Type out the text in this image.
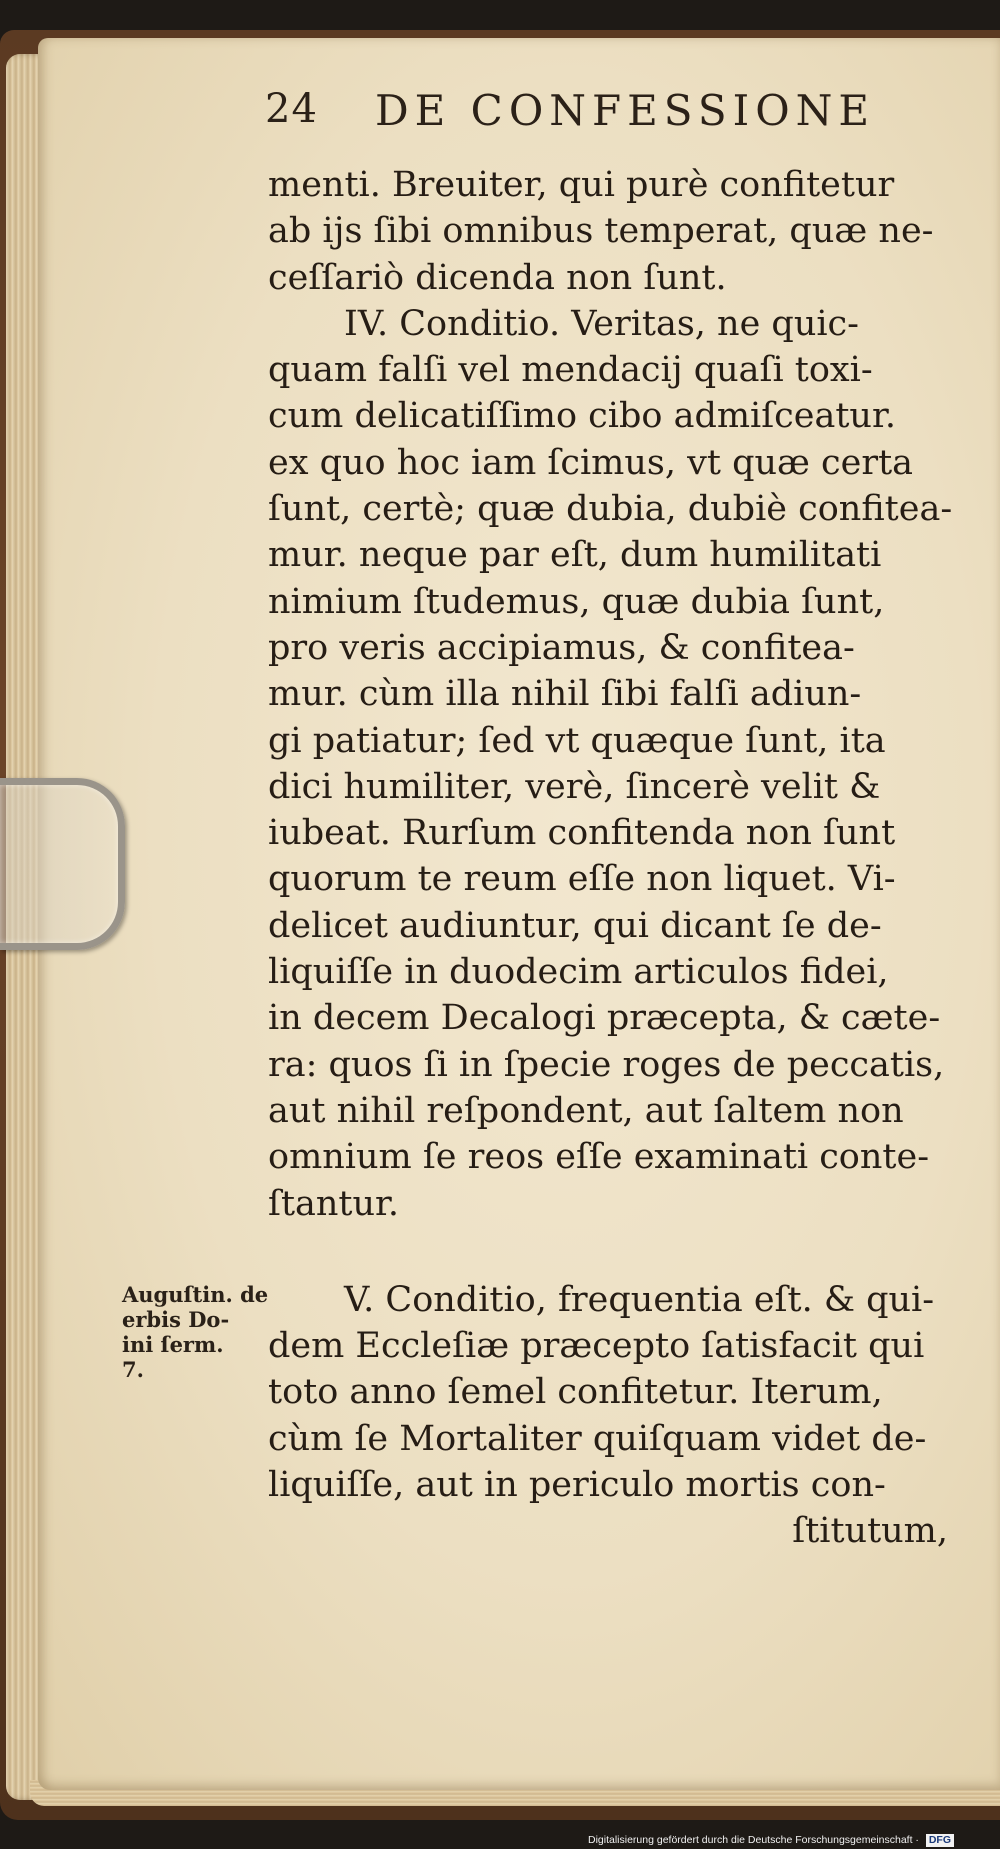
24 DE CONFESSIONE
menti. Breuiter, qui purè confitetur
ab ijs ſibi omnibus temperat, quæ ne-
ceſſariò dicenda non ſunt.
IV. Conditio. Veritas, ne quic-
quam falſi vel mendacij quaſi toxi-
cum delicatiſſimo cibo admiſceatur.
ex quo hoc iam ſcimus, vt quæ certa
ſunt, certè; quæ dubia, dubiè confitea-
mur. neque par eſt, dum humilitati
nimium ſtudemus, quæ dubia ſunt,
pro veris accipiamus, & confitea-
mur. cùm illa nihil ſibi falſi adiun-
gi patiatur; ſed vt quæque ſunt, ita
dici humiliter, verè, ſincerè velit &
iubeat. Rurſum confitenda non ſunt
quorum te reum eſſe non liquet. Vi-
delicet audiuntur, qui dicant ſe de-
liquiſſe in duodecim articulos fidei,
in decem Decalogi præcepta, & cæte-
ra: quos ſi in ſpecie roges de peccatis,
aut nihil reſpondent, aut ſaltem non
omnium ſe reos eſſe examinati conte-
ſtantur.
V. Conditio, frequentia eſt. & qui-
dem Eccleſiæ præcepto ſatisfacit qui
toto anno ſemel confitetur. Iterum,
cùm ſe Mortaliter quiſquam videt de-
liquiſſe, aut in periculo mortis con-
ſtitutum,
Auguſtin. de
erbis Do-
ini ſerm.
7.
Digitalisierung gefördert durch die Deutsche Forschungsgemeinschaft · DFG
